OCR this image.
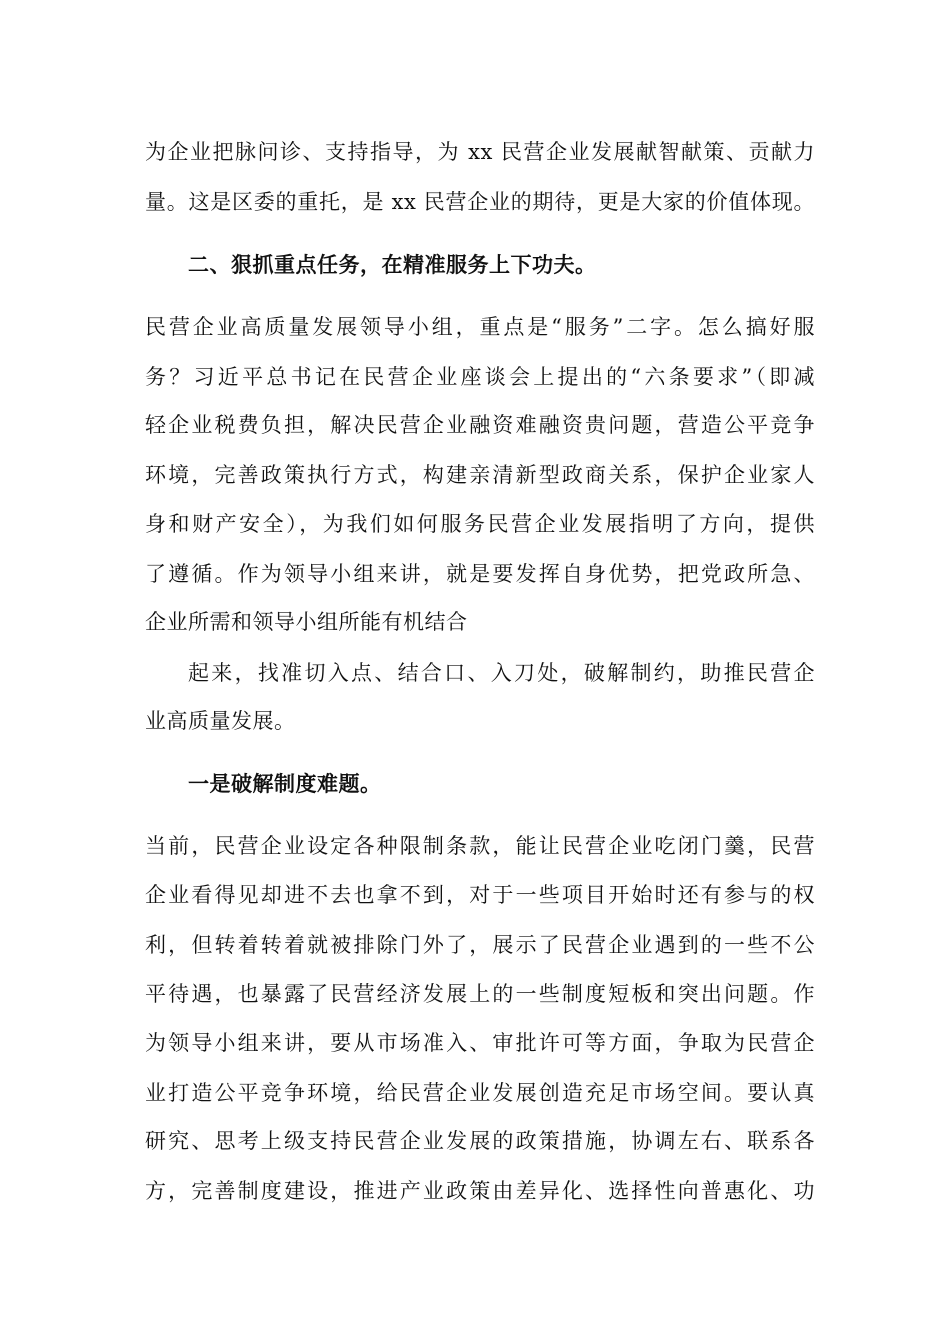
为企业把脉问诊、支持指导，为 xx 民营企业发展献智献策、贡献力
量。这是区委的重托，是 xx 民营企业的期待，更是大家的价值体现。
二、狠抓重点任务，在精准服务上下功夫。
民营企业高质量发展领导小组，重点是“服务”二字。怎么搞好服
务？习近平总书记在民营企业座谈会上提出的“六条要求”（即减
轻企业税费负担，解决民营企业融资难融资贵问题，营造公平竞争
环境，完善政策执行方式，构建亲清新型政商关系，保护企业家人
身和财产安全），为我们如何服务民营企业发展指明了方向，提供
了遵循。作为领导小组来讲，就是要发挥自身优势，把党政所急、
企业所需和领导小组所能有机结合
起来，找准切入点、结合口、入刀处，破解制约，助推民营企
业高质量发展。
一是破解制度难题。
当前，民营企业设定各种限制条款，能让民营企业吃闭门羹，民营
企业看得见却进不去也拿不到，对于一些项目开始时还有参与的权
利，但转着转着就被排除门外了，展示了民营企业遇到的一些不公
平待遇，也暴露了民营经济发展上的一些制度短板和突出问题。作
为领导小组来讲，要从市场准入、审批许可等方面，争取为民营企
业打造公平竞争环境，给民营企业发展创造充足市场空间。要认真
研究、思考上级支持民营企业发展的政策措施，协调左右、联系各
方，完善制度建设，推进产业政策由差异化、选择性向普惠化、功
